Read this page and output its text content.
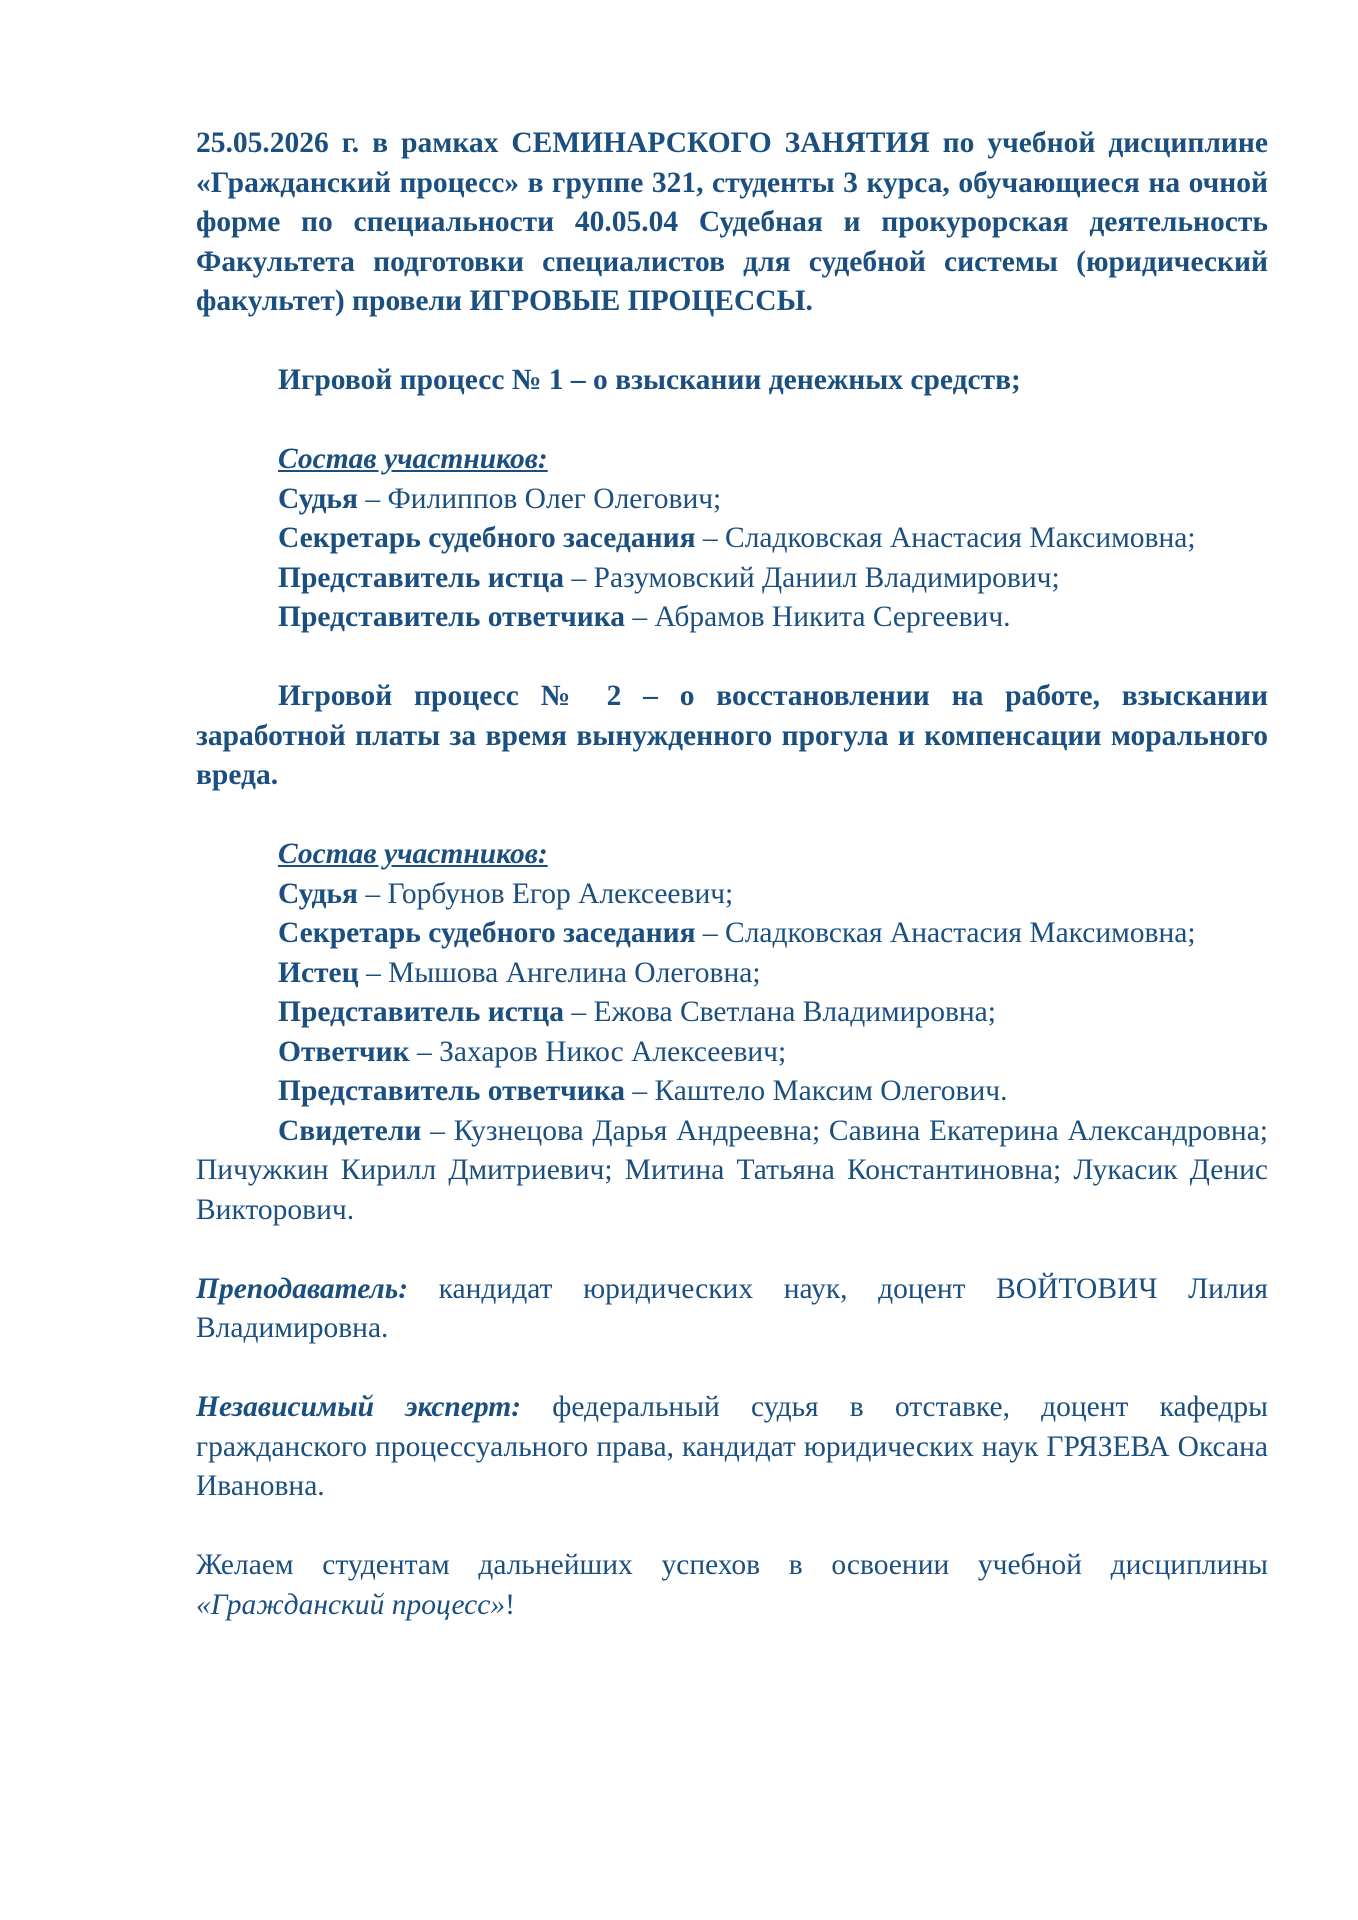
25.05.2026 г. в рамках СЕМИНАРСКОГО ЗАНЯТИЯ по учебной дисциплине «Гражданский процесс» в группе 321, студенты 3 курса, обучающиеся на очной форме по специальности 40.05.04 Судебная и прокурорская деятельность Факультета подготовки специалистов для судебной системы (юридический факультет) провели ИГРОВЫЕ ПРОЦЕССЫ.

Игровой процесс № 1 – о взыскании денежных средств;

Состав участников:

Судья – Филиппов Олег Олегович;

Секретарь судебного заседания – Сладковская Анастасия Максимовна;

Представитель истца – Разумовский Даниил Владимирович;

Представитель ответчика – Абрамов Никита Сергеевич.

Игровой процесс № 2 – о восстановлении на работе, взыскании заработной платы за время вынужденного прогула и компенсации морального вреда.

Состав участников:

Судья – Горбунов Егор Алексеевич;

Секретарь судебного заседания – Сладковская Анастасия Максимовна;

Истец – Мышова Ангелина Олеговна;

Представитель истца – Ежова Светлана Владимировна;

Ответчик – Захаров Никос Алексеевич;

Представитель ответчика – Каштело Максим Олегович.

Свидетели – Кузнецова Дарья Андреевна; Савина Екатерина Александровна; Пичужкин Кирилл Дмитриевич; Митина Татьяна Константиновна; Лукасик Денис Викторович.

Преподаватель: кандидат юридических наук, доцент ВОЙТОВИЧ Лилия Владимировна.

Независимый эксперт: федеральный судья в отставке, доцент кафедры гражданского процессуального права, кандидат юридических наук ГРЯЗЕВА Оксана Ивановна.

Желаем студентам дальнейших успехов в освоении учебной дисциплины «Гражданский процесс»!
